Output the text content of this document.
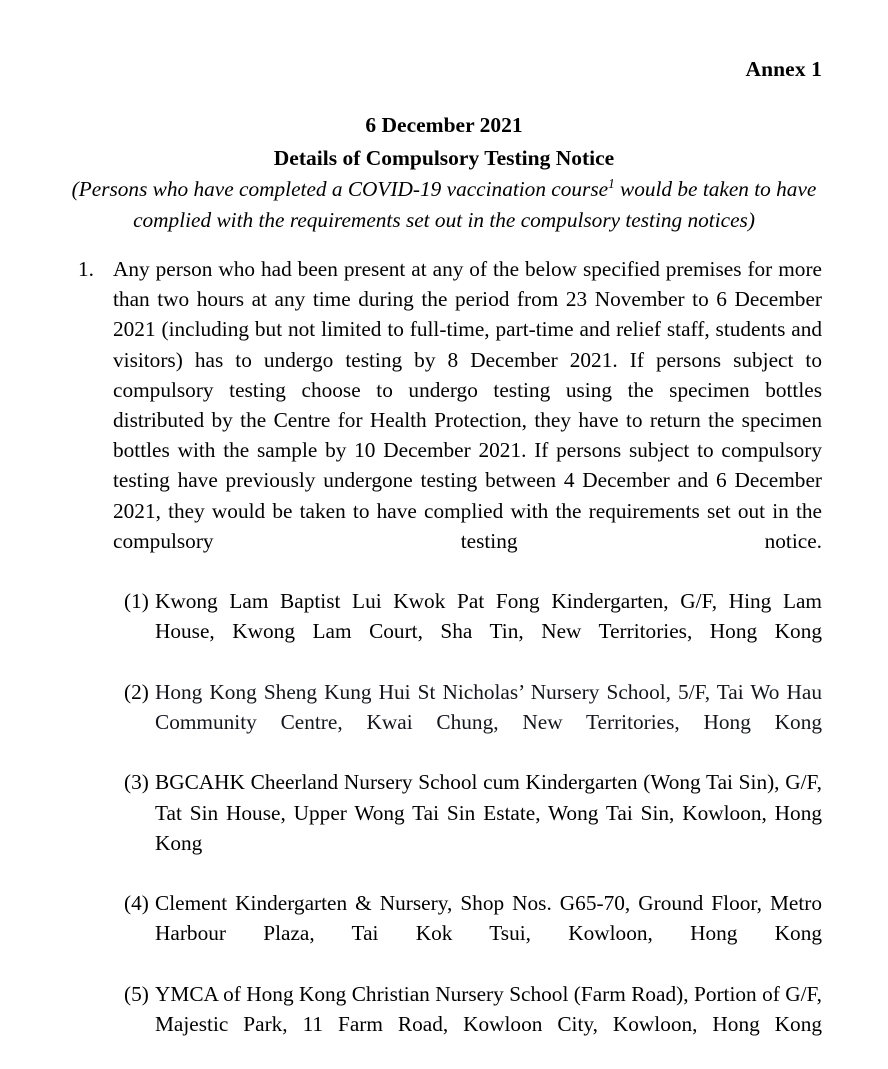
Annex 1
6 December 2021
Details of Compulsory Testing Notice
(Persons who have completed a COVID-19 vaccination course$^1$ would be taken to have complied with the requirements set out in the compulsory testing notices)
1. Any person who had been present at any of the below specified premises for more than two hours at any time during the period from 23 November to 6 December 2021 (including but not limited to full-time, part-time and relief staff, students and visitors) has to undergo testing by 8 December 2021. If persons subject to compulsory testing choose to undergo testing using the specimen bottles distributed by the Centre for Health Protection, they have to return the specimen bottles with the sample by 10 December 2021. If persons subject to compulsory testing have previously undergone testing between 4 December and 6 December 2021, they would be taken to have complied with the requirements set out in the compulsory testing notice.
(1) Kwong Lam Baptist Lui Kwok Pat Fong Kindergarten, G/F, Hing Lam House, Kwong Lam Court, Sha Tin, New Territories, Hong Kong
(2) Hong Kong Sheng Kung Hui St Nicholas’ Nursery School, 5/F, Tai Wo Hau Community Centre, Kwai Chung, New Territories, Hong Kong
(3) BGCAHK Cheerland Nursery School cum Kindergarten (Wong Tai Sin), G/F, Tat Sin House, Upper Wong Tai Sin Estate, Wong Tai Sin, Kowloon, Hong Kong
(4) Clement Kindergarten & Nursery, Shop Nos. G65-70, Ground Floor, Metro Harbour Plaza, Tai Kok Tsui, Kowloon, Hong Kong
(5) YMCA of Hong Kong Christian Nursery School (Farm Road), Portion of G/F, Majestic Park, 11 Farm Road, Kowloon City, Kowloon, Hong Kong
